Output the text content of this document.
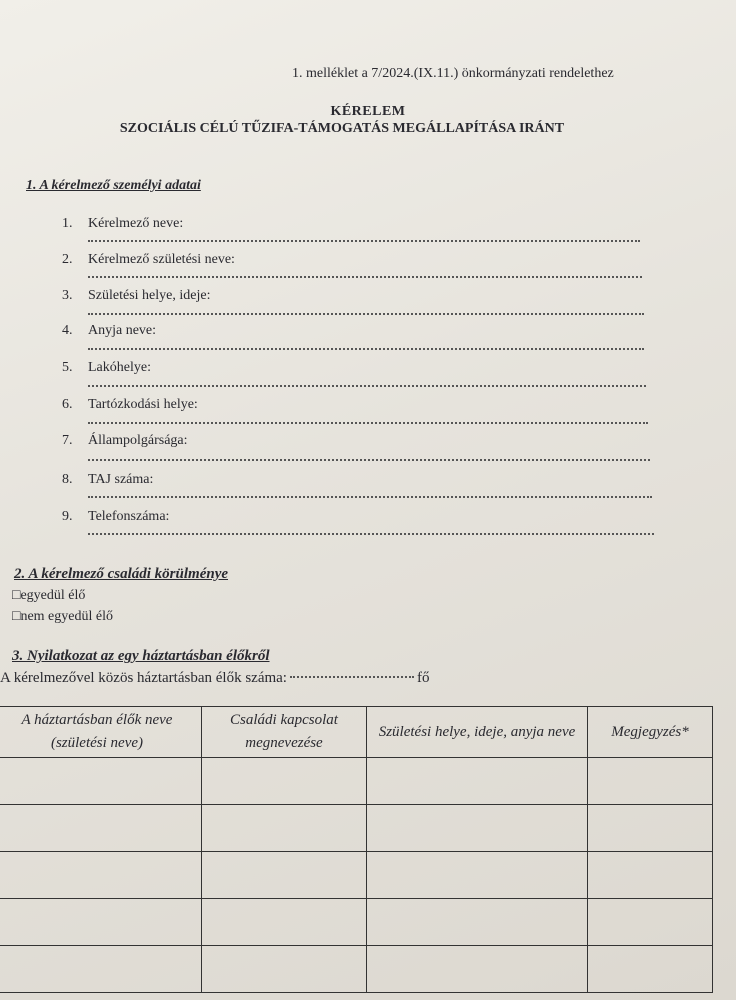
1. melléklet a 7/2024.(IX.11.) önkormányzati rendelethez
KÉRELEM
SZOCIÁLIS CÉLÚ TŰZIFA-TÁMOGATÁS MEGÁLLAPÍTÁSA IRÁNT
1. A kérelmező személyi adatai
1. Kérelmező neve:
2. Kérelmező születési neve:
3. Születési helye, ideje:
4. Anyja neve:
5. Lakóhelye:
6. Tartózkodási helye:
7. Állampolgársága:
8. TAJ száma:
9. Telefonszáma:
2. A kérelmező családi körülménye
□egyedül élő
□nem egyedül élő
3. Nyilatkozat az egy háztartásban élőkről
A kérelmezővel közös háztartásban élők száma:	fő
A háztartásban élők neve (születési neve)	Családi kapcsolat megnevezése	Születési helye, ideje, anyja neve	Megjegyzés*
